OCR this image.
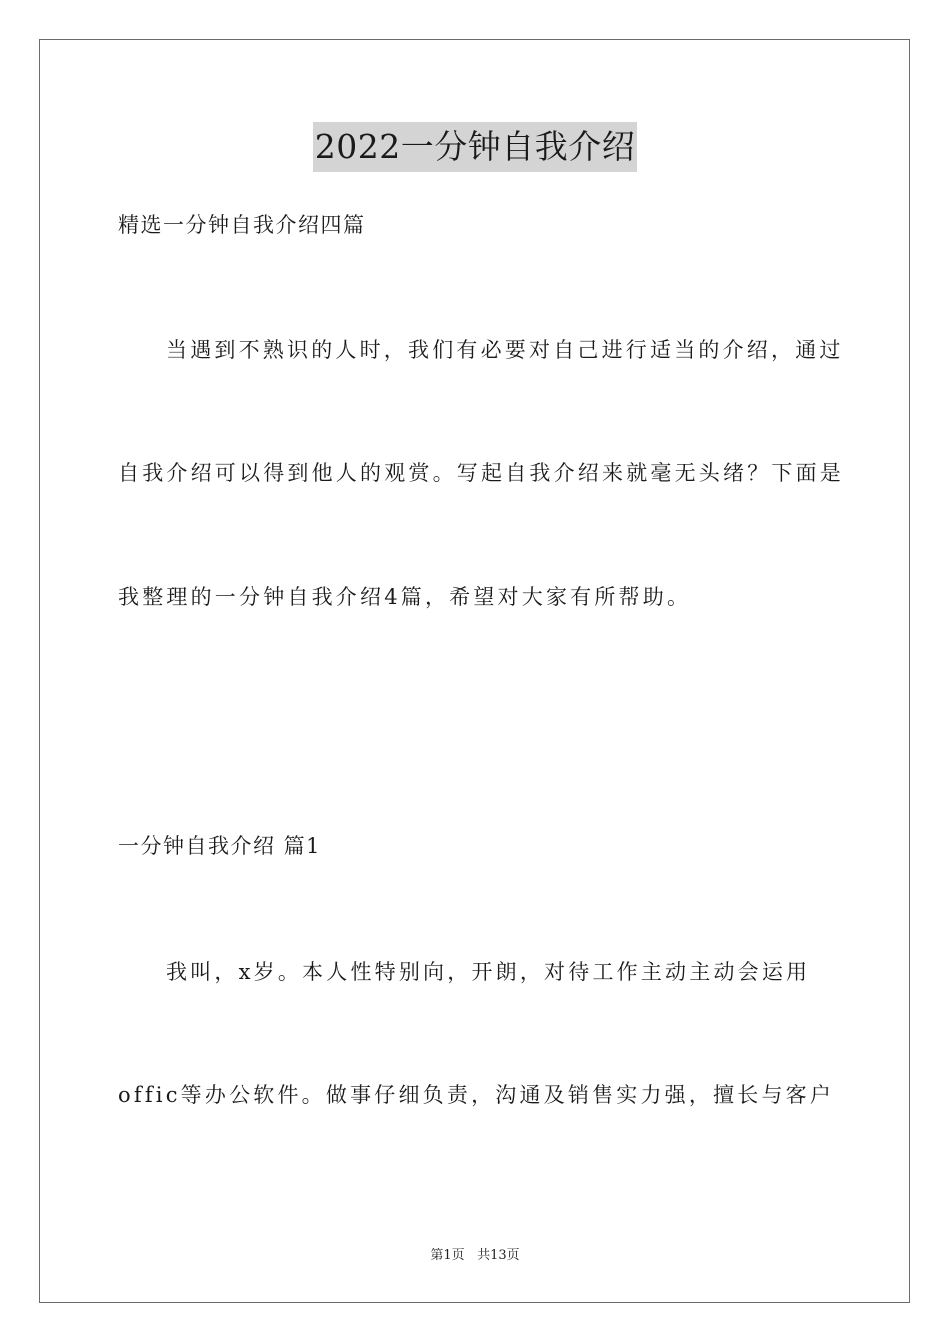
2022一分钟自我介绍
精选一分钟自我介绍四篇
当遇到不熟识的人时，我们有必要对自己进行适当的介绍，通过
自我介绍可以得到他人的观赏。写起自我介绍来就毫无头绪？下面是
我整理的一分钟自我介绍4篇，希望对大家有所帮助。
一分钟自我介绍 篇1
我叫，x岁。本人性特别向，开朗，对待工作主动主动会运用
offic等办公软件。做事仔细负责，沟通及销售实力强，擅长与客户
第1页 共13页
